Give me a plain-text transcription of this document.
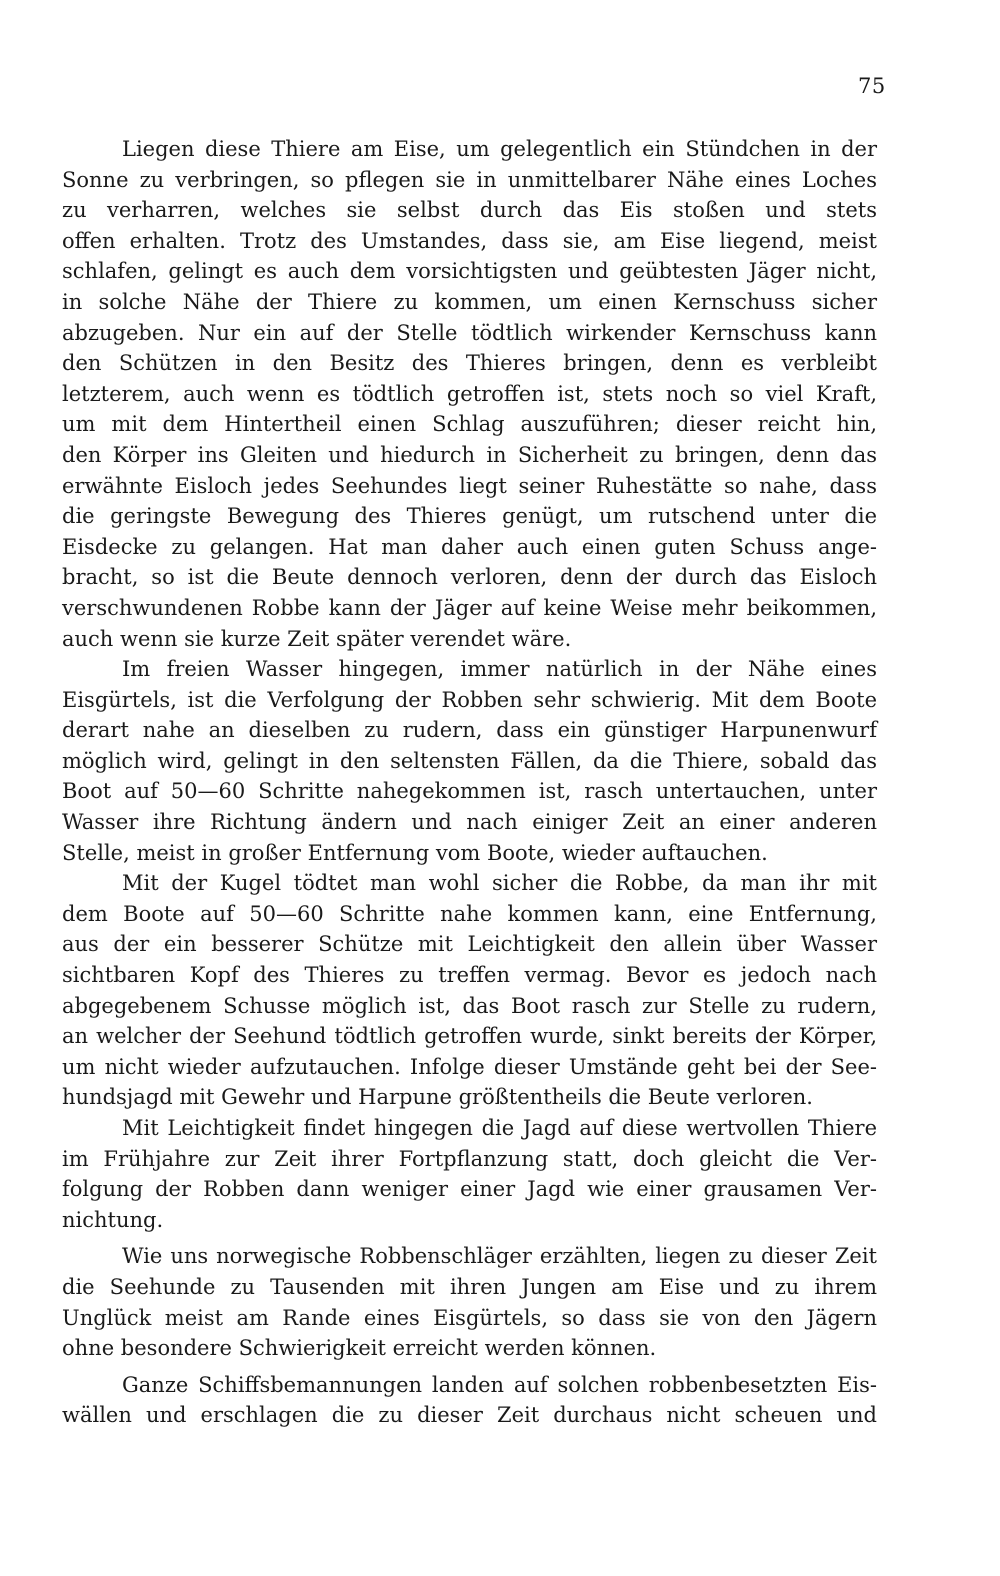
75
Liegen diese Thiere am Eise, um gelegentlich ein Stündchen in der
Sonne zu verbringen, so pflegen sie in unmittelbarer Nähe eines Loches
zu verharren, welches sie selbst durch das Eis stoßen und stets
offen erhalten. Trotz des Umstandes, dass sie, am Eise liegend, meist
schlafen, gelingt es auch dem vorsichtigsten und geübtesten Jäger nicht,
in solche Nähe der Thiere zu kommen, um einen Kernschuss sicher
abzugeben. Nur ein auf der Stelle tödtlich wirkender Kernschuss kann
den Schützen in den Besitz des Thieres bringen, denn es verbleibt
letzterem, auch wenn es tödtlich getroffen ist, stets noch so viel Kraft,
um mit dem Hintertheil einen Schlag auszuführen; dieser reicht hin,
den Körper ins Gleiten und hiedurch in Sicherheit zu bringen, denn das
erwähnte Eisloch jedes Seehundes liegt seiner Ruhestätte so nahe, dass
die geringste Bewegung des Thieres genügt, um rutschend unter die
Eisdecke zu gelangen. Hat man daher auch einen guten Schuss ange-
bracht, so ist die Beute dennoch verloren, denn der durch das Eisloch
verschwundenen Robbe kann der Jäger auf keine Weise mehr beikommen,
auch wenn sie kurze Zeit später verendet wäre.
Im freien Wasser hingegen, immer natürlich in der Nähe eines
Eisgürtels, ist die Verfolgung der Robben sehr schwierig. Mit dem Boote
derart nahe an dieselben zu rudern, dass ein günstiger Harpunenwurf
möglich wird, gelingt in den seltensten Fällen, da die Thiere, sobald das
Boot auf 50—60 Schritte nahegekommen ist, rasch untertauchen, unter
Wasser ihre Richtung ändern und nach einiger Zeit an einer anderen
Stelle, meist in großer Entfernung vom Boote, wieder auftauchen.
Mit der Kugel tödtet man wohl sicher die Robbe, da man ihr mit
dem Boote auf 50—60 Schritte nahe kommen kann, eine Entfernung,
aus der ein besserer Schütze mit Leichtigkeit den allein über Wasser
sichtbaren Kopf des Thieres zu treffen vermag. Bevor es jedoch nach
abgegebenem Schusse möglich ist, das Boot rasch zur Stelle zu rudern,
an welcher der Seehund tödtlich getroffen wurde, sinkt bereits der Körper,
um nicht wieder aufzutauchen. Infolge dieser Umstände geht bei der See-
hundsjagd mit Gewehr und Harpune größtentheils die Beute verloren.
Mit Leichtigkeit findet hingegen die Jagd auf diese wertvollen Thiere
im Frühjahre zur Zeit ihrer Fortpflanzung statt, doch gleicht die Ver-
folgung der Robben dann weniger einer Jagd wie einer grausamen Ver-
nichtung.
Wie uns norwegische Robbenschläger erzählten, liegen zu dieser Zeit
die Seehunde zu Tausenden mit ihren Jungen am Eise und zu ihrem
Unglück meist am Rande eines Eisgürtels, so dass sie von den Jägern
ohne besondere Schwierigkeit erreicht werden können.
Ganze Schiffsbemannungen landen auf solchen robbenbesetzten Eis-
wällen und erschlagen die zu dieser Zeit durchaus nicht scheuen und
